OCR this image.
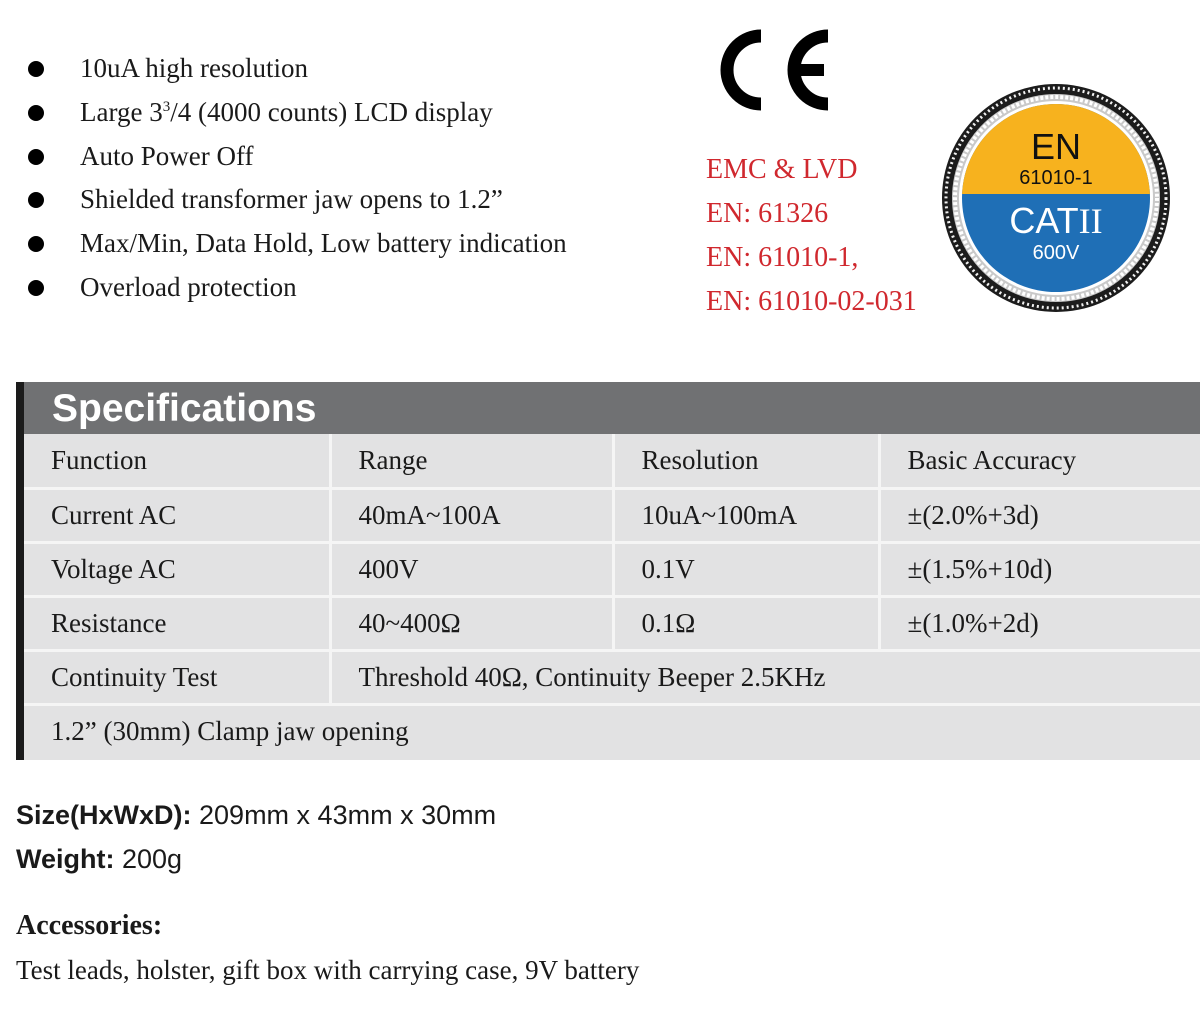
10uA high resolution
Large $3^3/4$ (4000 counts) LCD display
Auto Power Off
Shielded transformer jaw opens to 1.2”
Max/Min, Data Hold, Low battery indication
Overload protection
EMC & LVD
EN: 61326
EN: 61010-1,
EN: 61010-02-031
EN
61010-1
CATII
600V
Specifications
Function	Range	Resolution	Basic Accuracy
Current AC	40mA~100A	10uA~100mA	±(2.0%+3d)
Voltage AC	400V	0.1V	±(1.5%+10d)
Resistance	40~400Ω	0.1Ω	±(1.0%+2d)
Continuity Test	Threshold 40Ω, Continuity Beeper 2.5KHz		
1.2” (30mm) Clamp jaw opening			
Size(HxWxD): 209mm x 43mm x 30mm
Weight: 200g
Accessories:
Test leads, holster, gift box with carrying case, 9V battery
